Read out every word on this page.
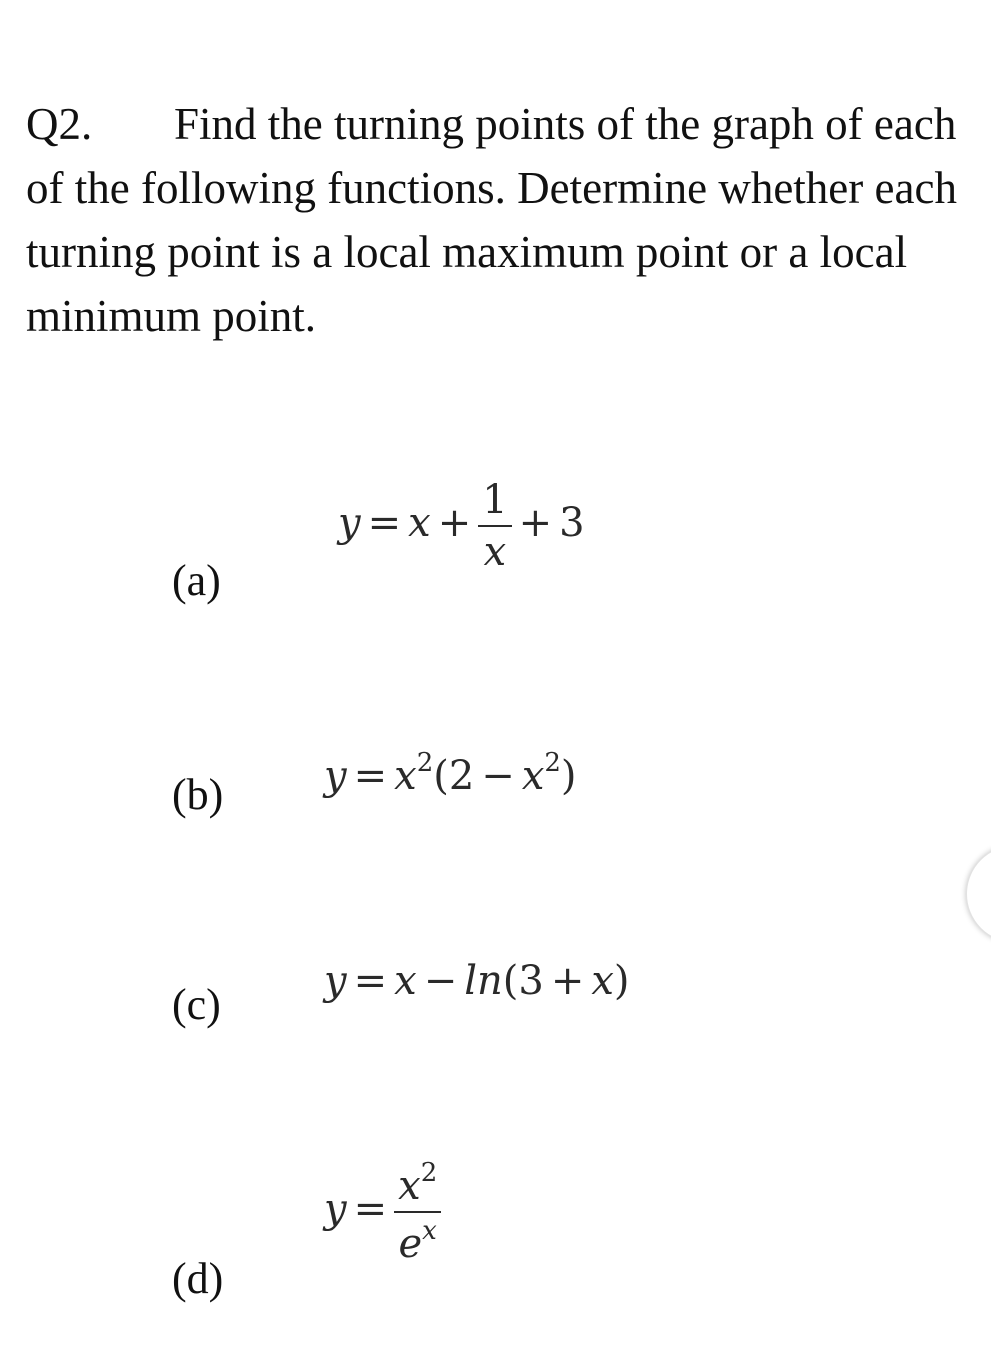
Q2. Find the turning points of the graph of each of the following functions. Determine whether each turning point is a local maximum point or a local minimum point.
(a)
$y = x + \frac{1}{x} + 3$
(b)	$y = x^2(2 - x^2)$
(c)	y = x − ln(3 + x)
(d)
$y = \frac{x^2}{e^x}$
